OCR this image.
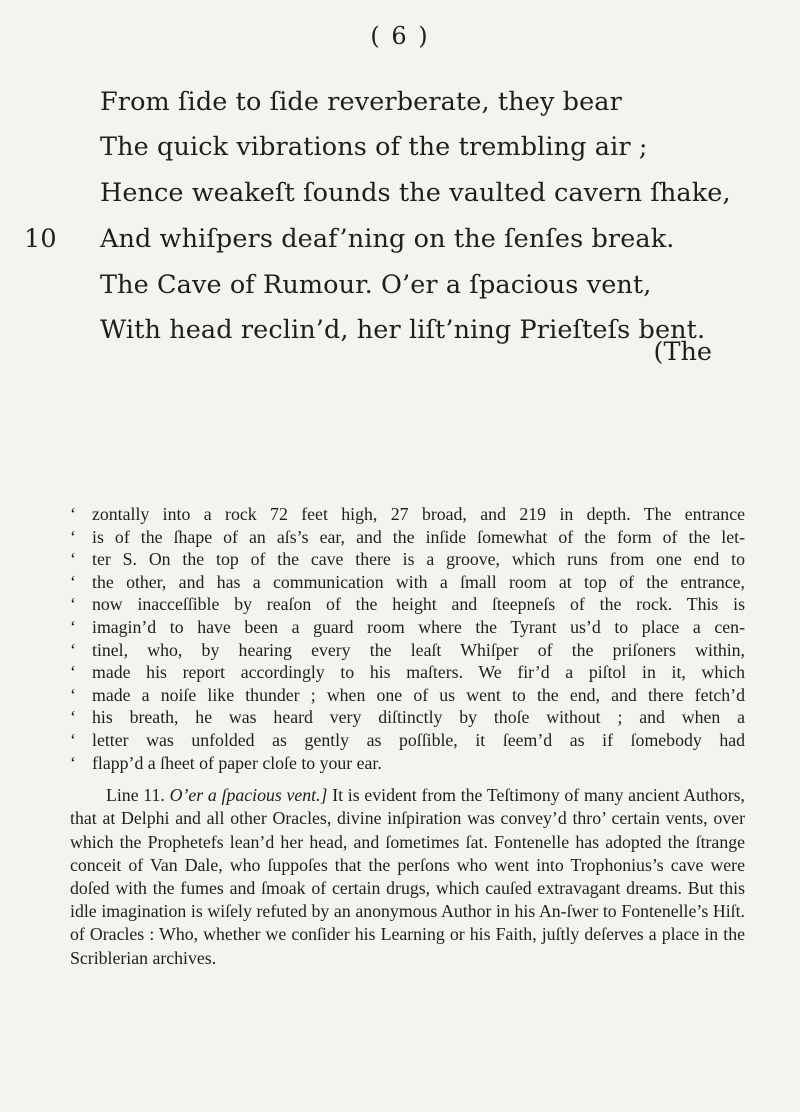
( 6 )
From ſide to ſide reverberate, they bear
The quick vibrations of the trembling air ;
Hence weakeſt ſounds the vaulted cavern ſhake,
10 And whiſpers deaf’ning on the ſenſes break.
The Cave of Rumour. O’er a ſpacious vent,
With head reclin’d, her liſt’ning Prieſteſs bent.
(The
‘ zontally into a rock 72 feet high, 27 broad, and 219 in depth. The entrance
‘ is of the ſhape of an aſs’s ear, and the inſide ſomewhat of the form of the let-
‘ ter S. On the top of the cave there is a groove, which runs from one end to
‘ the other, and has a communication with a ſmall room at top of the entrance,
‘ now inacceſſible by reaſon of the height and ſteepneſs of the rock. This is
‘ imagin’d to have been a guard room where the Tyrant us’d to place a cen-
‘ tinel, who, by hearing every the leaſt Whiſper of the priſoners within,
‘ made his report accordingly to his maſters. We fir’d a piſtol in it, which
‘ made a noiſe like thunder ; when one of us went to the end, and there fetch’d
‘ his breath, he was heard very diſtinctly by thoſe without ; and when a
‘ letter was unfolded as gently as poſſible, it ſeem’d as if ſomebody had
‘ flapp’d a ſheet of paper cloſe to your ear.
Line 11. O’er a ſpacious vent.] It is evident from the Teſtimony of many ancient Authors, that at Delphi and all other Oracles, divine inſpiration was convey’d thro’ certain vents, over which the Prophetefs lean’d her head, and ſometimes ſat. Fontenelle has adopted the ſtrange conceit of Van Dale, who ſuppoſes that the perſons who went into Trophonius’s cave were doſed with the fumes and ſmoak of certain drugs, which cauſed extravagant dreams. But this idle imagination is wiſely refuted by an anonymous Author in his An-ſwer to Fontenelle’s Hiſt. of Oracles : Who, whether we conſider his Learning or his Faith, juſtly deſerves a place in the Scriblerian archives.
